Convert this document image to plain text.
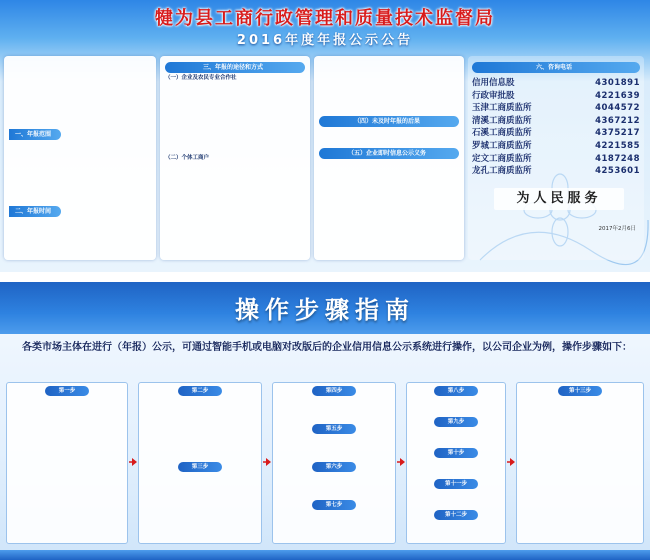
犍为县工商行政管理和质量技术监督局
2016年度年报公示公告
一、年报范围
二、年报时间
三、年报的途径和方式
（一）企业及农民专业合作社
（二）个体工商户
（四）未及时年报的后果
（五）企业即时信息公示义务
六、咨询电话
信用信息股	4301891
行政审批股	4221639
玉津工商质监所	4044572
清溪工商质监所	4367212
石溪工商质监所	4375217
罗城工商质监所	4221585
定文工商质监所	4187248
龙孔工商质监所	4253601
为人民服务
2017年2月6日
操作步骤指南
各类市场主体在进行（年报）公示，可通过智能手机或电脑对改版后的企业信用信息公示系统进行操作，以公司企业为例，操作步骤如下：
第一步	第二步
第三步
第四步
第五步
第六步
第七步
第八步
第九步
第十步
第十一步
第十二步
第十三步
